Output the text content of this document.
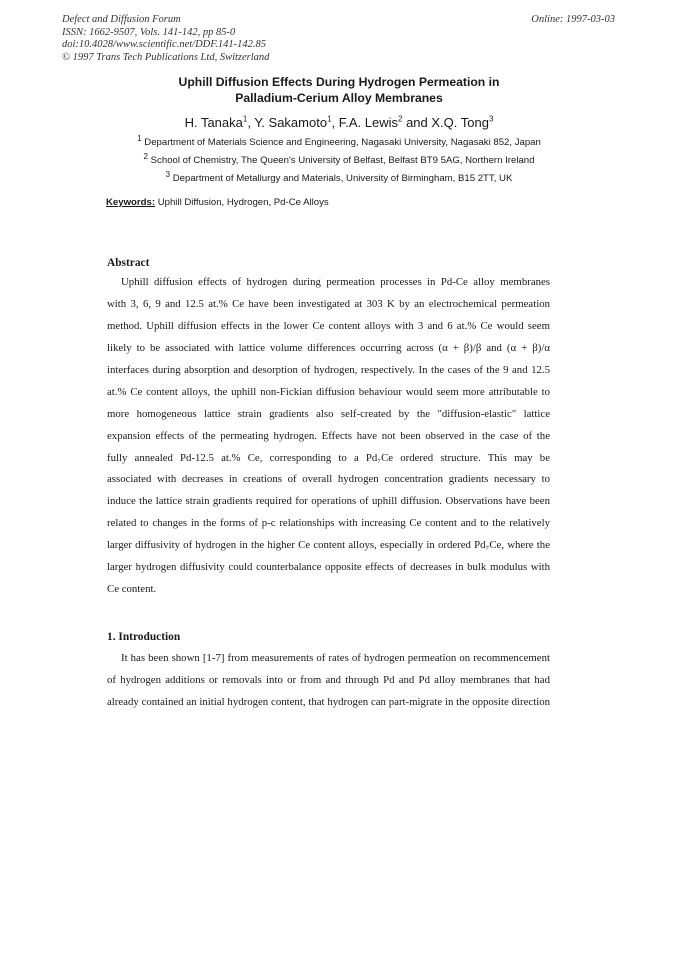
Defect and Diffusion Forum
ISSN: 1662-9507, Vols. 141-142, pp 85-0
doi:10.4028/www.scientific.net/DDF.141-142.85
© 1997 Trans Tech Publications Ltd, Switzerland
Online: 1997-03-03
Uphill Diffusion Effects During Hydrogen Permeation in
Palladium-Cerium Alloy Membranes
H. Tanaka$^1$, Y. Sakamoto$^1$, F.A. Lewis$^2$ and X.Q. Tong$^3$
$^1$ Department of Materials Science and Engineering, Nagasaki University, Nagasaki 852, Japan
$^2$ School of Chemistry, The Queen's University of Belfast, Belfast BT9 5AG, Northern Ireland
$^3$ Department of Metallurgy and Materials, University of Birmingham, B15 2TT, UK
Keywords: Uphill Diffusion, Hydrogen, Pd-Ce Alloys
Abstract
Uphill diffusion effects of hydrogen during permeation processes in Pd-Ce alloy membranes
with 3, 6, 9 and 12.5 at.% Ce have been investigated at 303 K by an electrochemical permeation
method. Uphill diffusion effects in the lower Ce content alloys with 3 and 6 at.% Ce would seem
likely to be associated with lattice volume differences occurring across (α + β)/β and (α + β)/α
interfaces during absorption and desorption of hydrogen, respectively. In the cases of the 9 and 12.5
at.% Ce content alloys, the uphill non-Fickian diffusion behaviour would seem more attributable to
more homogeneous lattice strain gradients also self-created by the "diffusion-elastic" lattice
expansion effects of the permeating hydrogen. Effects have not been observed in the case of the
fully annealed Pd-12.5 at.% Ce, corresponding to a Pd₇Ce ordered structure. This may be
associated with decreases in creations of overall hydrogen concentration gradients necessary to
induce the lattice strain gradients required for operations of uphill diffusion. Observations have been
related to changes in the forms of p-c relationships with increasing Ce content and to the relatively
larger diffusivity of hydrogen in the higher Ce content alloys, especially in ordered Pd₇Ce, where the
larger hydrogen diffusivity could counterbalance opposite effects of decreases in bulk modulus with
Ce content.
1. Introduction
It has been shown [1-7] from measurements of rates of hydrogen permeation on recommencement
of hydrogen additions or removals into or from and through Pd and Pd alloy membranes that had
already contained an initial hydrogen content, that hydrogen can part-migrate in the opposite direction
